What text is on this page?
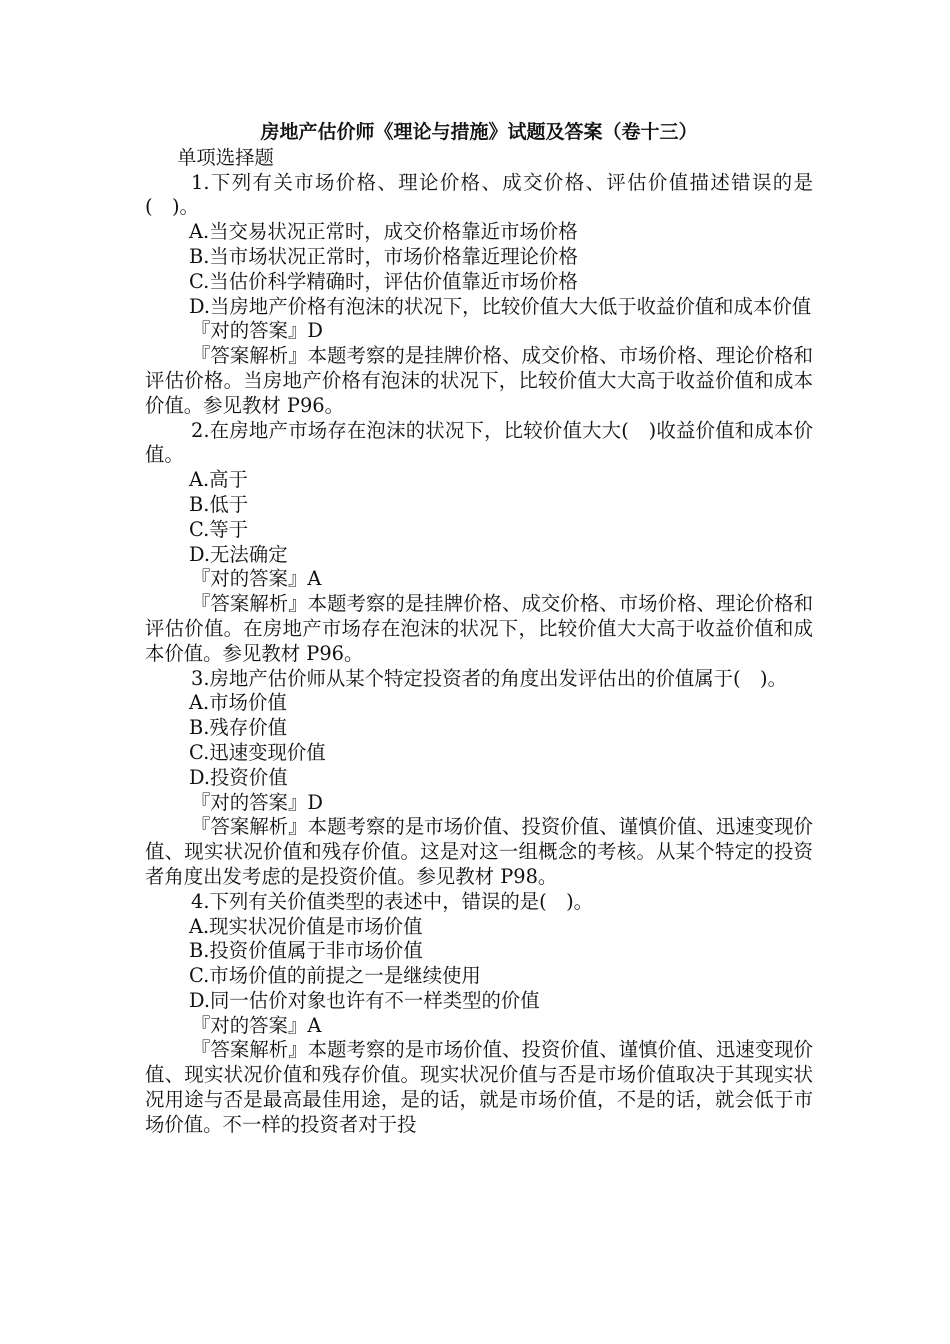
房地产估价师《理论与措施》试题及答案（卷十三）
单项选择题

1.下列有关市场价格、理论价格、成交价格、评估价值描述错误的是(　)。

A.当交易状况正常时，成交价格靠近市场价格

B.当市场状况正常时，市场价格靠近理论价格

C.当估价科学精确时，评估价值靠近市场价格

D.当房地产价格有泡沫的状况下，比较价值大大低于收益价值和成本价值

『对的答案』D

『答案解析』本题考察的是挂牌价格、成交价格、市场价格、理论价格和评估价格。当房地产价格有泡沫的状况下，比较价值大大高于收益价值和成本价值。参见教材 P96。

2.在房地产市场存在泡沫的状况下，比较价值大大(　)收益价值和成本价值。

A.高于

B.低于

C.等于

D.无法确定

『对的答案』A

『答案解析』本题考察的是挂牌价格、成交价格、市场价格、理论价格和评估价值。在房地产市场存在泡沫的状况下，比较价值大大高于收益价值和成本价值。参见教材 P96。

3.房地产估价师从某个特定投资者的角度出发评估出的价值属于(　)。

A.市场价值

B.残存价值

C.迅速变现价值

D.投资价值

『对的答案』D

『答案解析』本题考察的是市场价值、投资价值、谨慎价值、迅速变现价值、现实状况价值和残存价值。这是对这一组概念的考核。从某个特定的投资者角度出发考虑的是投资价值。参见教材 P98。

4.下列有关价值类型的表述中，错误的是(　)。

A.现实状况价值是市场价值

B.投资价值属于非市场价值

C.市场价值的前提之一是继续使用

D.同一估价对象也许有不一样类型的价值

『对的答案』A

『答案解析』本题考察的是市场价值、投资价值、谨慎价值、迅速变现价值、现实状况价值和残存价值。现实状况价值与否是市场价值取决于其现实状况用途与否是最高最佳用途，是的话，就是市场价值，不是的话，就会低于市场价值。不一样的投资者对于投
